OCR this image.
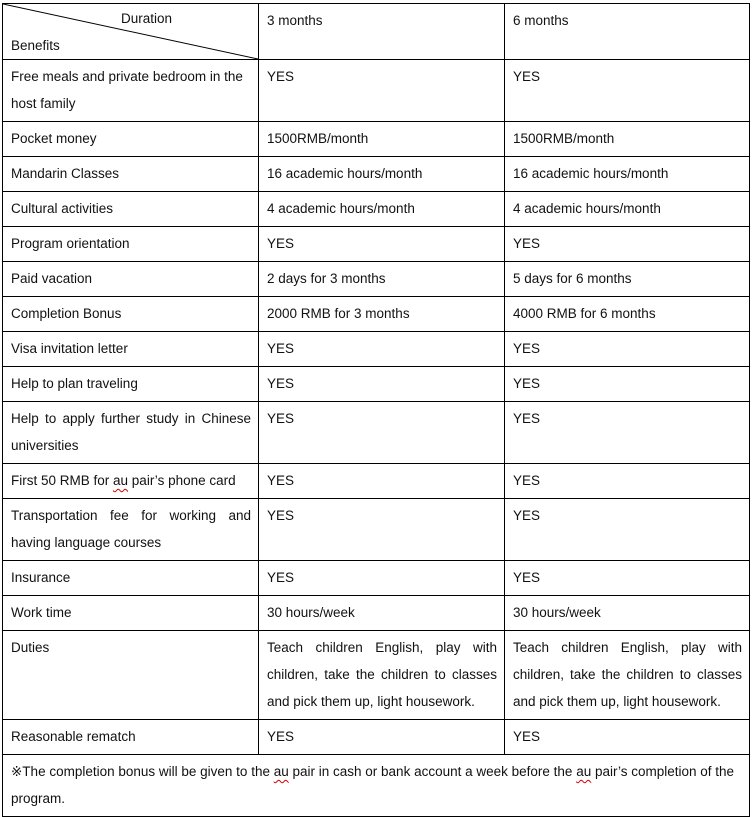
Duration
Benefits	3 months	6 months
Free meals and private bedroom in the host family	YES	YES
Pocket money	1500RMB/month	1500RMB/month
Mandarin Classes	16 academic hours/month	16 academic hours/month
Cultural activities	4 academic hours/month	4 academic hours/month
Program orientation	YES	YES
Paid vacation	2 days for 3 months	5 days for 6 months
Completion Bonus	2000 RMB for 3 months	4000 RMB for 6 months
Visa invitation letter	YES	YES
Help to plan traveling	YES	YES
Help to apply further study in Chinese universities	YES	YES
First 50 RMB for au pair’s phone card	YES	YES
Transportation fee for working and having language courses	YES	YES
Insurance	YES	YES
Work time	30 hours/week	30 hours/week
Duties	Teach children English, play with children, take the children to classes and pick them up, light housework.	Teach children English, play with children, take the children to classes and pick them up, light housework.
Reasonable rematch	YES	YES
※The completion bonus will be given to the au pair in cash or bank account a week before the au pair’s completion of the program.		
